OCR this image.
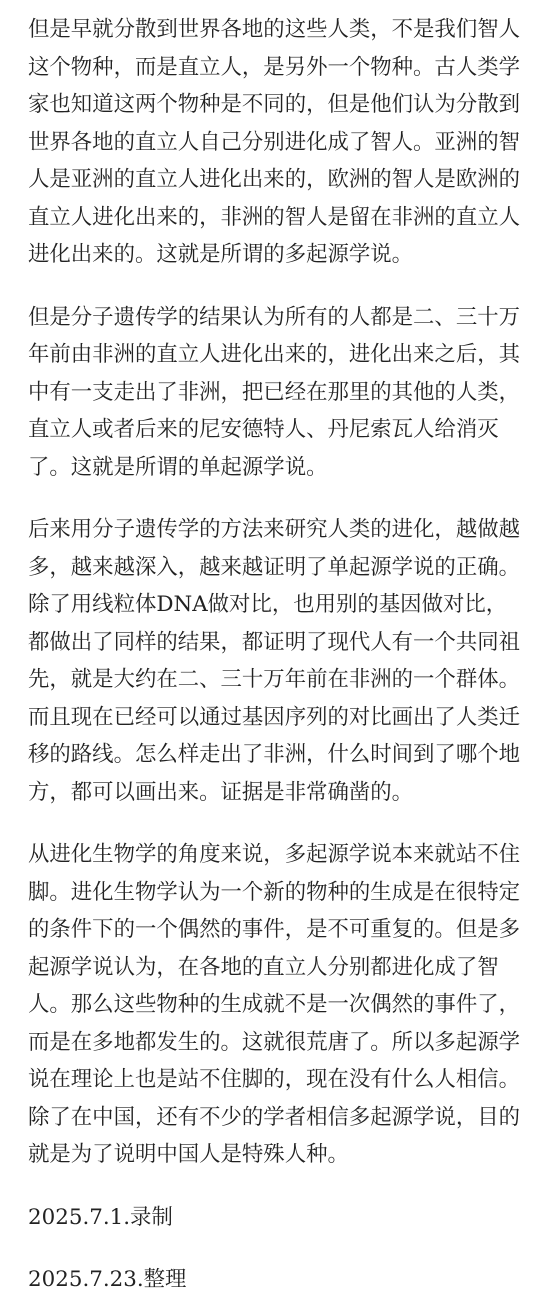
但是早就分散到世界各地的这些人类，不是我们智人
这个物种，而是直立人，是另外一个物种。古人类学
家也知道这两个物种是不同的，但是他们认为分散到
世界各地的直立人自己分别进化成了智人。亚洲的智
人是亚洲的直立人进化出来的，欧洲的智人是欧洲的
直立人进化出来的，非洲的智人是留在非洲的直立人
进化出来的。这就是所谓的多起源学说。

但是分子遗传学的结果认为所有的人都是二、三十万
年前由非洲的直立人进化出来的，进化出来之后，其
中有一支走出了非洲，把已经在那里的其他的人类，
直立人或者后来的尼安德特人、丹尼索瓦人给消灭
了。这就是所谓的单起源学说。

后来用分子遗传学的方法来研究人类的进化，越做越
多，越来越深入，越来越证明了单起源学说的正确。
除了用线粒体DNA做对比，也用别的基因做对比，
都做出了同样的结果，都证明了现代人有一个共同祖
先，就是大约在二、三十万年前在非洲的一个群体。
而且现在已经可以通过基因序列的对比画出了人类迁
移的路线。怎么样走出了非洲，什么时间到了哪个地
方，都可以画出来。证据是非常确凿的。

从进化生物学的角度来说，多起源学说本来就站不住
脚。进化生物学认为一个新的物种的生成是在很特定
的条件下的一个偶然的事件，是不可重复的。但是多
起源学说认为，在各地的直立人分别都进化成了智
人。那么这些物种的生成就不是一次偶然的事件了，
而是在多地都发生的。这就很荒唐了。所以多起源学
说在理论上也是站不住脚的，现在没有什么人相信。
除了在中国，还有不少的学者相信多起源学说，目的
就是为了说明中国人是特殊人种。

2025.7.1.录制

2025.7.23.整理
